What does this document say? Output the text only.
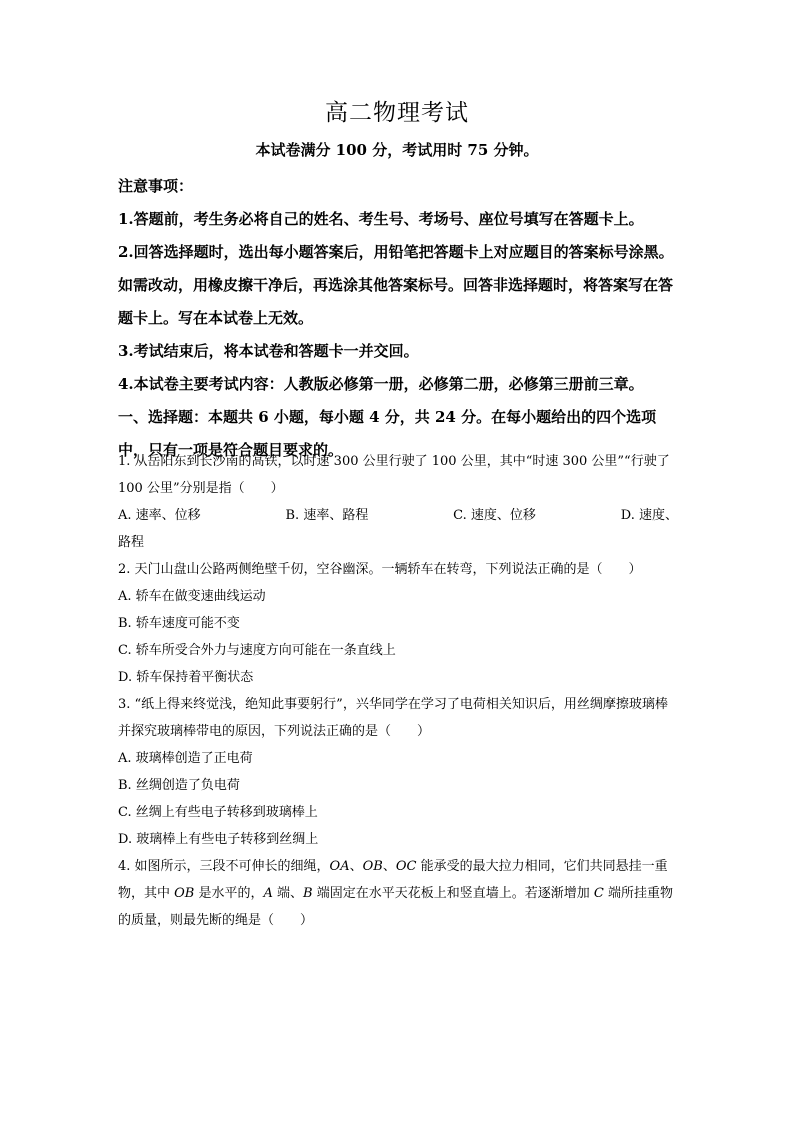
高二物理考试
本试卷满分 100 分，考试用时 75 分钟。

注意事项：

1.答题前，考生务必将自己的姓名、考生号、考场号、座位号填写在答题卡上。

2.回答选择题时，选出每小题答案后，用铅笔把答题卡上对应题目的答案标号涂黑。如需改动，用橡皮擦干净后，再选涂其他答案标号。回答非选择题时，将答案写在答题卡上。写在本试卷上无效。

3.考试结束后，将本试卷和答题卡一并交回。

4.本试卷主要考试内容：人教版必修第一册，必修第二册，必修第三册前三章。

一、选择题：本题共 6 小题，每小题 4 分，共 24 分。在每小题给出的四个选项中，只有一项是符合题目要求的。

1. 从岳阳东到长沙南的高铁，以时速 300 公里行驶了 100 公里，其中“时速 300 公里”“行驶了 100 公里”分别是指（　　）

A. 速率、位移	B. 速率、路程	C. 速度、位移	D. 速度、

路程

2. 天门山盘山公路两侧绝壁千仞，空谷幽深。一辆轿车在转弯，下列说法正确的是（　　）

A. 轿车在做变速曲线运动

B. 轿车速度可能不变

C. 轿车所受合外力与速度方向可能在一条直线上

D. 轿车保持着平衡状态

3. “纸上得来终觉浅，绝知此事要躬行”，兴华同学在学习了电荷相关知识后，用丝绸摩擦玻璃棒并探究玻璃棒带电的原因，下列说法正确的是（　　）

A. 玻璃棒创造了正电荷

B. 丝绸创造了负电荷

C. 丝绸上有些电子转移到玻璃棒上

D. 玻璃棒上有些电子转移到丝绸上

4. 如图所示，三段不可伸长的细绳，OA、OB、OC 能承受的最大拉力相同，它们共同悬挂一重物，其中 OB 是水平的，A 端、B 端固定在水平天花板上和竖直墙上。若逐渐增加 C 端所挂重物的质量，则最先断的绳是（　　）
